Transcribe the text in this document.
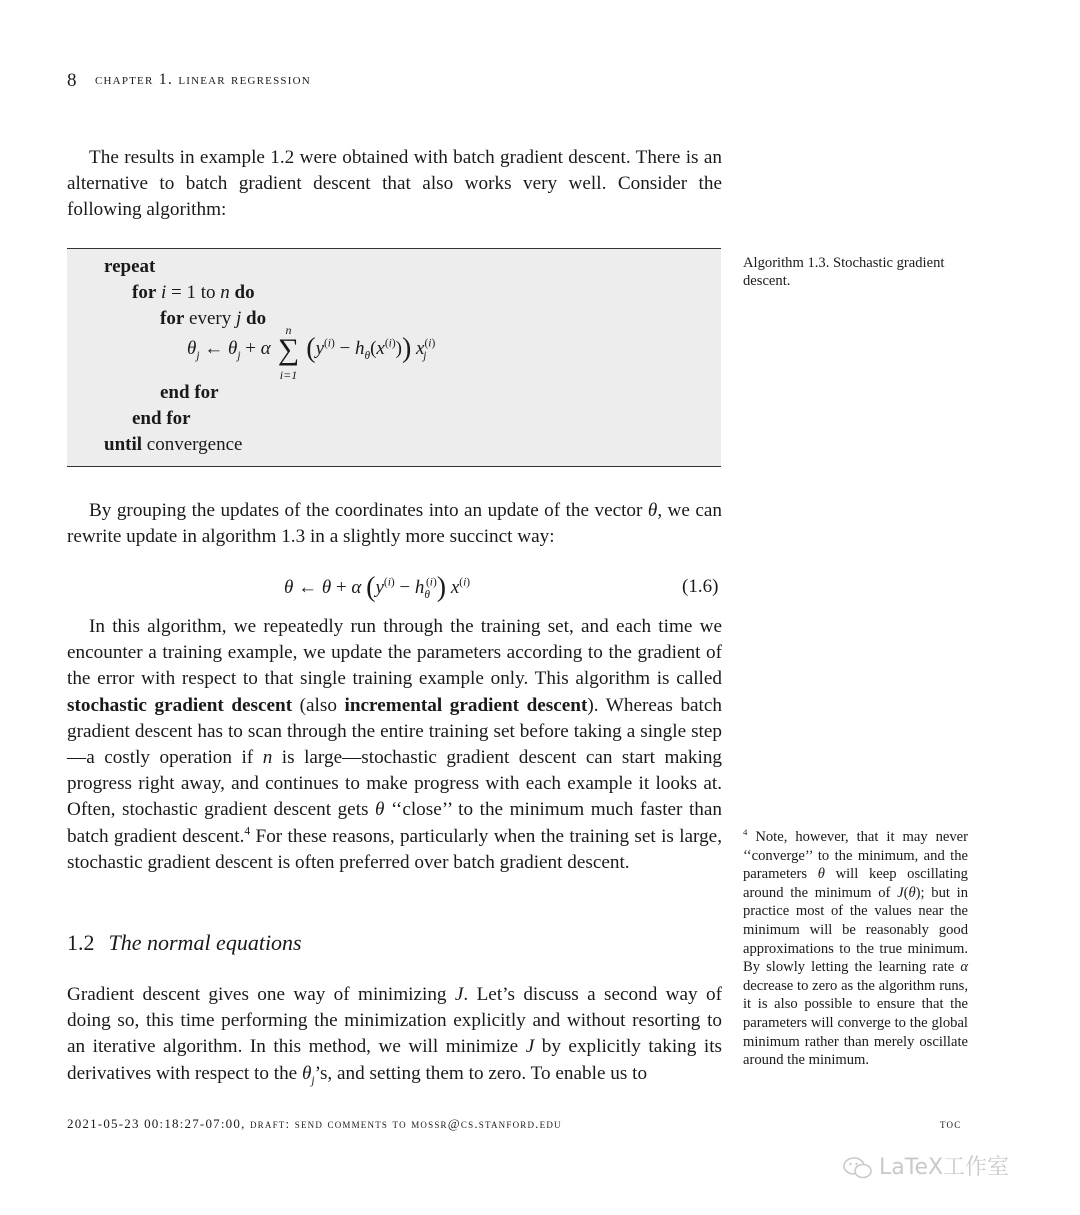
8 chapter 1. linear regression

The results in example 1.2 were obtained with batch gradient descent. There is an alternative to batch gradient descent that also works very well. Consider the following algorithm:

repeat
for i = 1 to n do
for every j do
$\theta_j$ ← $\theta_j + \alpha$
n
∑
i=1
$(y^{(i)} - h_\theta(x^{(i)}))$ $x^{(i)}_j$
end for
end for
until convergence
Algorithm 1.3. Stochastic gradient descent.

By grouping the updates of the coordinates into an update of the vector θ, we can rewrite update in algorithm 1.3 in a slightly more succinct way:

θ ← θ + α $(y^{(i)} - h_\theta^{(i)})$ $x^{(i)}$	(1.6)

In this algorithm, we repeatedly run through the training set, and each time we encounter a training example, we update the parameters according to the gradient of the error with respect to that single training example only. This algorithm is called stochastic gradient descent (also incremental gradient descent). Whereas batch gradient descent has to scan through the entire training set before taking a single step—a costly operation if n is large—stochastic gradient descent can start making progress right away, and continues to make progress with each example it looks at. Often, stochastic gradient descent gets θ ‘‘close’’ to the minimum much faster than batch gradient descent.$^4$ For these reasons, particularly when the training set is large, stochastic gradient descent is often preferred over batch gradient descent.

$^4$ Note, however, that it may never ‘‘converge’’ to the minimum, and the parameters θ will keep oscillating around the minimum of J(θ); but in practice most of the values near the minimum will be reasonably good approximations to the true minimum. By slowly letting the learning rate α decrease to zero as the algorithm runs, it is also possible to ensure that the parameters will converge to the global minimum rather than merely oscillate around the minimum.
1.2 The normal equations

Gradient descent gives one way of minimizing J. Let’s discuss a second way of doing so, this time performing the minimization explicitly and without resorting to an iterative algorithm. In this method, we will minimize J by explicitly taking its derivatives with respect to the $\theta_j’s$, and setting them to zero. To enable us to

2021-05-23 00:18:27-07:00, draft: send comments to mossr@cs.stanford.edu	toc
LaTeX工作室
